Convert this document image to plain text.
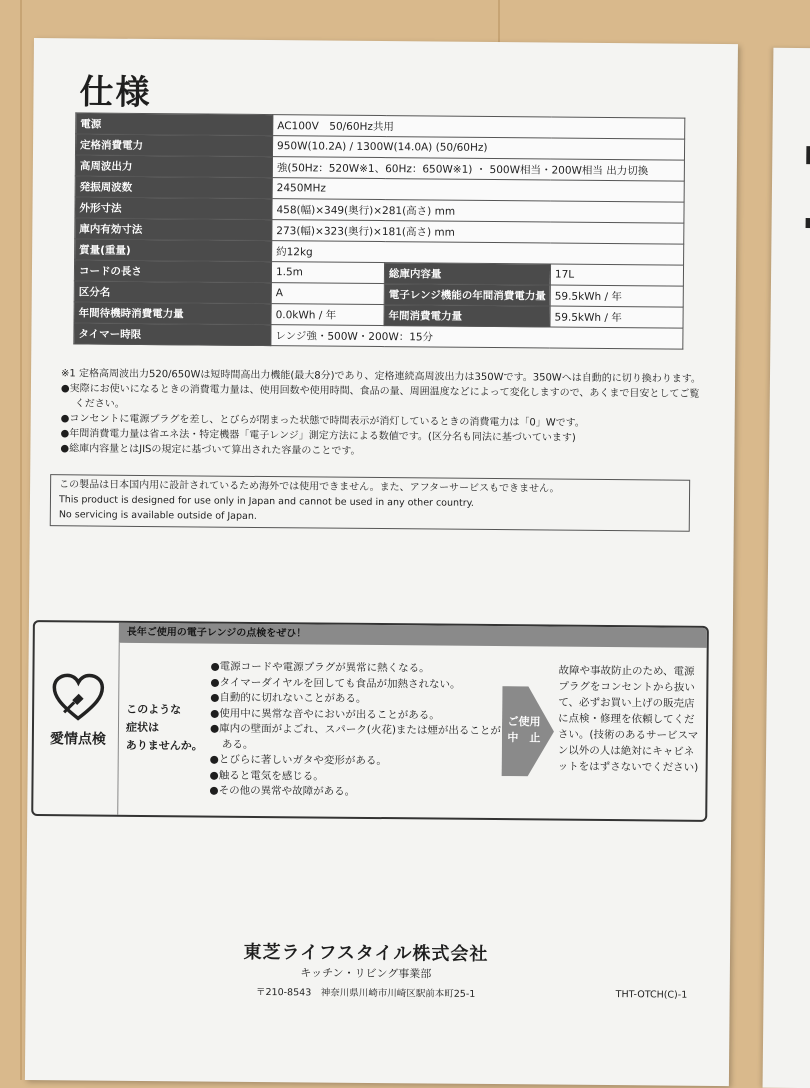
仕様
電源	AC100V　50/60Hz共用		
定格消費電力	950W(10.2A) / 1300W(14.0A) (50/60Hz)		
高周波出力	強(50Hz：520W※1、60Hz：650W※1) ・ 500W相当・200W相当 出力切換		
発振周波数	2450MHz		
外形寸法	458(幅)×349(奥行)×281(高さ) mm		
庫内有効寸法	273(幅)×323(奥行)×181(高さ) mm		
質量(重量)	約12kg		
コードの長さ	1.5m	総庫内容量	17L
区分名	A	電子レンジ機能の年間消費電力量	59.5kWh / 年
年間待機時消費電力量	0.0kWh / 年	年間消費電力量	59.5kWh / 年
タイマー時限	レンジ強・500W・200W：15分		
※1 定格高周波出力520/650Wは短時間高出力機能(最大8分)であり、定格連続高周波出力は350Wです。350Wへは自動的に切り換わります。
●実際にお使いになるときの消費電力量は、使用回数や使用時間、食品の量、周囲温度などによって変化しますので、あくまで目安としてご覧ください。
●コンセントに電源プラグを差し、とびらが閉まった状態で時間表示が消灯しているときの消費電力は「0」Wです。
●年間消費電力量は省エネ法・特定機器「電子レンジ」測定方法による数値です。(区分名も同法に基づいています)
●総庫内容量とはJISの規定に基づいて算出された容量のことです。
この製品は日本国内用に設計されているため海外では使用できません。また、アフターサービスもできません。
This product is designed for use only in Japan and cannot be used in any other country.
No servicing is available outside of Japan.
長年ご使用の電子レンジの点検をぜひ！
愛情点検
このような
症状は
ありませんか。
●電源コードや電源プラグが異常に熱くなる。
●タイマーダイヤルを回しても食品が加熱されない。
●自動的に切れないことがある。
●使用中に異常な音やにおいが出ることがある。
●庫内の壁面がよごれ、スパーク(火花)または煙が出ることがある。
●とびらに著しいガタや変形がある。
●触ると電気を感じる。
●その他の異常や故障がある。
ご使用
中　止
故障や事故防止のため、電源プラグをコンセントから抜いて、必ずお買い上げの販売店に点検・修理を依頼してください。(技術のあるサービスマン以外の人は絶対にキャビネットをはずさないでください)
東芝ライフスタイル株式会社
キッチン・リビング事業部
〒210-8543　神奈川県川崎市川崎区駅前本町25-1	THT-OTCH(C)-1
